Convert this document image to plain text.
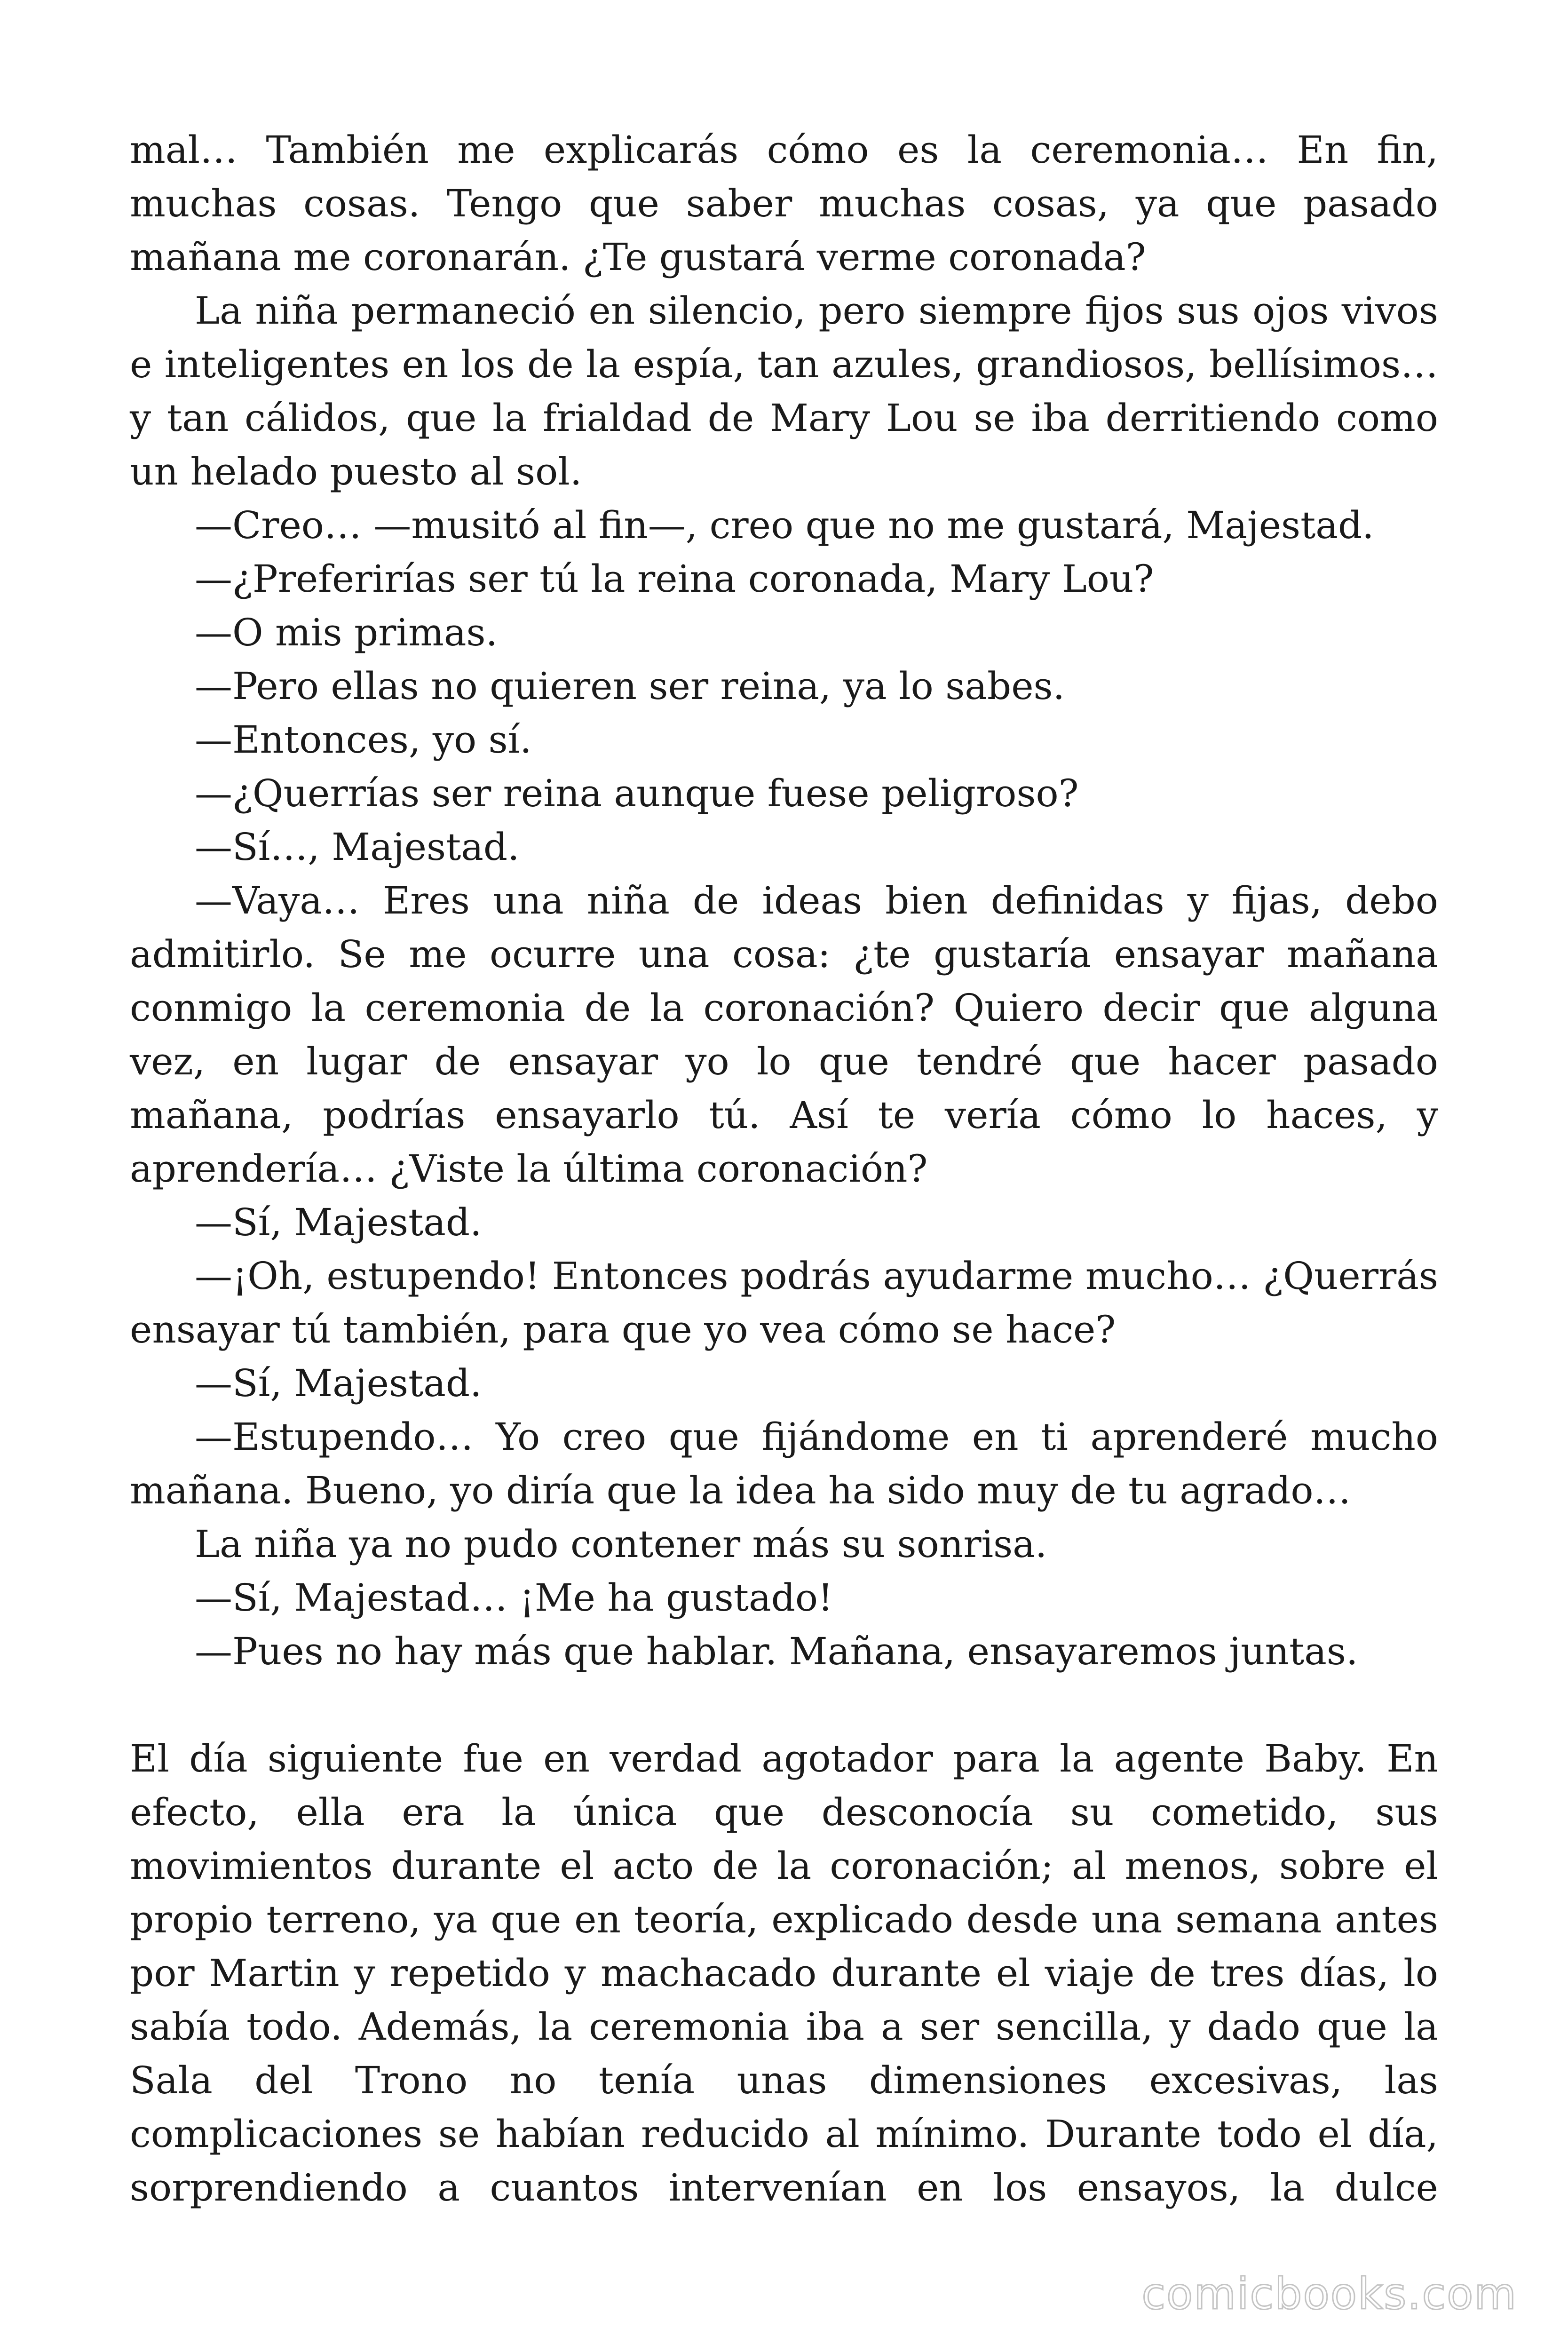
mal… También me explicarás cómo es la ceremonia… En fin, muchas cosas. Tengo que saber muchas cosas, ya que pasado mañana me coronarán. ¿Te gustará verme coronada?

La niña permaneció en silencio, pero siempre fijos sus ojos vivos e inteligentes en los de la espía, tan azules, grandiosos, bellísimos… y tan cálidos, que la frialdad de Mary Lou se iba derritiendo como un helado puesto al sol.

—Creo… —musitó al fin—, creo que no me gustará, Majestad.

—¿Preferirías ser tú la reina coronada, Mary Lou?

—O mis primas.

—Pero ellas no quieren ser reina, ya lo sabes.

—Entonces, yo sí.

—¿Querrías ser reina aunque fuese peligroso?

—Sí…, Majestad.

—Vaya… Eres una niña de ideas bien definidas y fijas, debo admitirlo. Se me ocurre una cosa: ¿te gustaría ensayar mañana conmigo la ceremonia de la coronación? Quiero decir que alguna vez, en lugar de ensayar yo lo que tendré que hacer pasado mañana, podrías ensayarlo tú. Así te vería cómo lo haces, y aprendería… ¿Viste la última coronación?

—Sí, Majestad.

—¡Oh, estupendo! Entonces podrás ayudarme mucho… ¿Querrás ensayar tú también, para que yo vea cómo se hace?

—Sí, Majestad.

—Estupendo… Yo creo que fijándome en ti aprenderé mucho mañana. Bueno, yo diría que la idea ha sido muy de tu agrado…

La niña ya no pudo contener más su sonrisa.

—Sí, Majestad… ¡Me ha gustado!

—Pues no hay más que hablar. Mañana, ensayaremos juntas.

El día siguiente fue en verdad agotador para la agente Baby. En efecto, ella era la única que desconocía su cometido, sus movimientos durante el acto de la coronación; al menos, sobre el propio terreno, ya que en teoría, explicado desde una semana antes por Martin y repetido y machacado durante el viaje de tres días, lo sabía todo. Además, la ceremonia iba a ser sencilla, y dado que la Sala del Trono no tenía unas dimensiones excesivas, las complicaciones se habían reducido al mínimo. Durante todo el día, sorprendiendo a cuantos intervenían en los ensayos, la dulce

comicbooks.com
